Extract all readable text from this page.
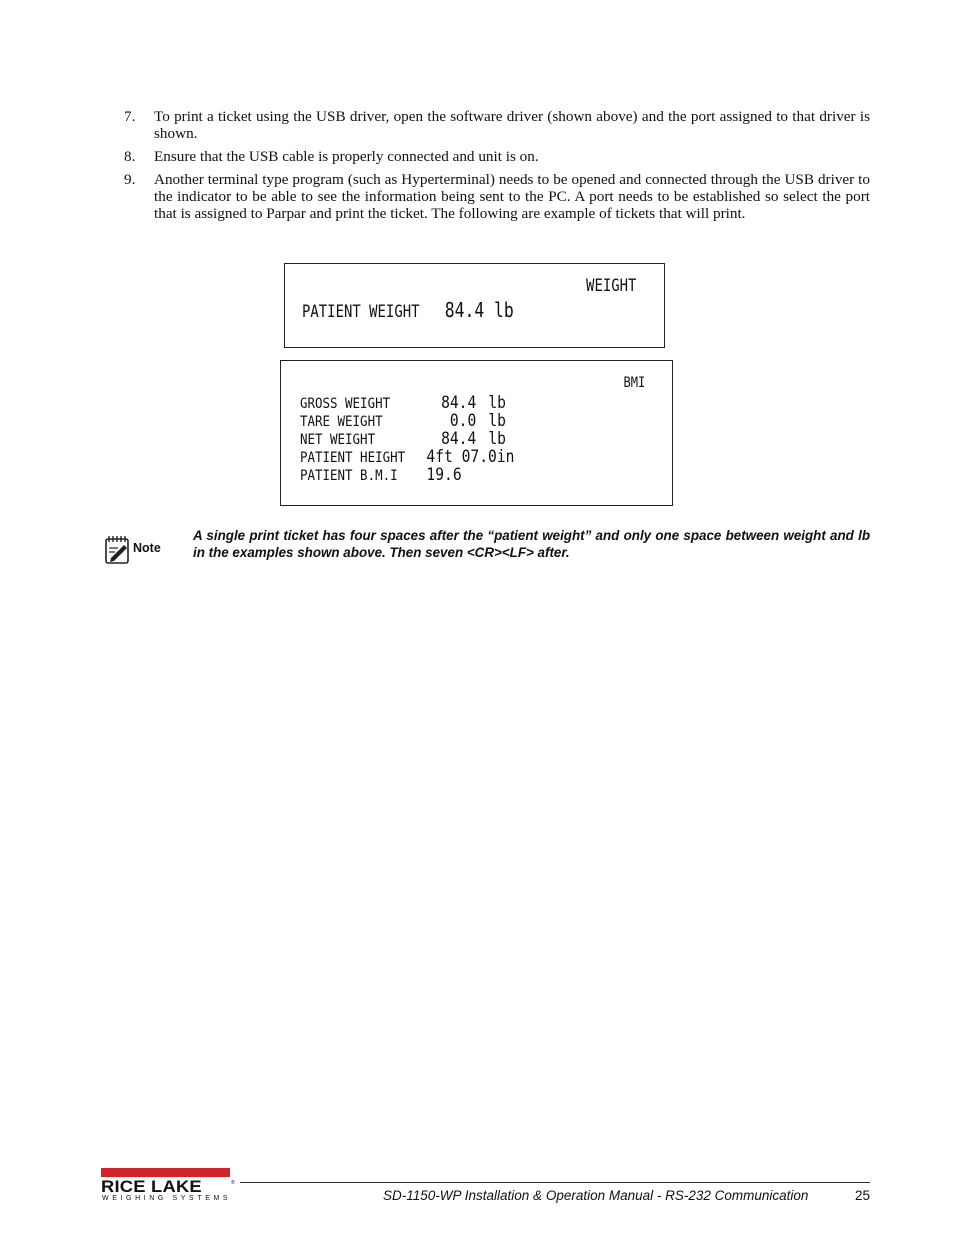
7.	To print a ticket using the USB driver, open the software driver (shown above) and the port assigned to that driver is shown.
8.	Ensure that the USB cable is properly connected and unit is on.
9.	Another terminal type program (such as Hyperterminal) needs to be opened and connected through the USB driver to the indicator to be able to see the information being sent to the PC. A port needs to be established so select the port that is assigned to Parpar and print the ticket. The following are example of tickets that will print.
WEIGHT
PATIENT WEIGHT 84.4 lb
BMI
GROSS WEIGHT	84.4 lb
TARE WEIGHT	0.0 lb
NET WEIGHT	84.4 lb
PATIENT HEIGHT	4ft 07.0in
PATIENT B.M.I	19.6
Note
A single print ticket has four spaces after the “patient weight” and only one space between weight and lb in the examples shown above. Then seven <CR><LF> after.
RICE LAKE	®
WEIGHING SYSTEMS	SD-1150-WP Installation & Operation Manual - RS-232 Communication	25
